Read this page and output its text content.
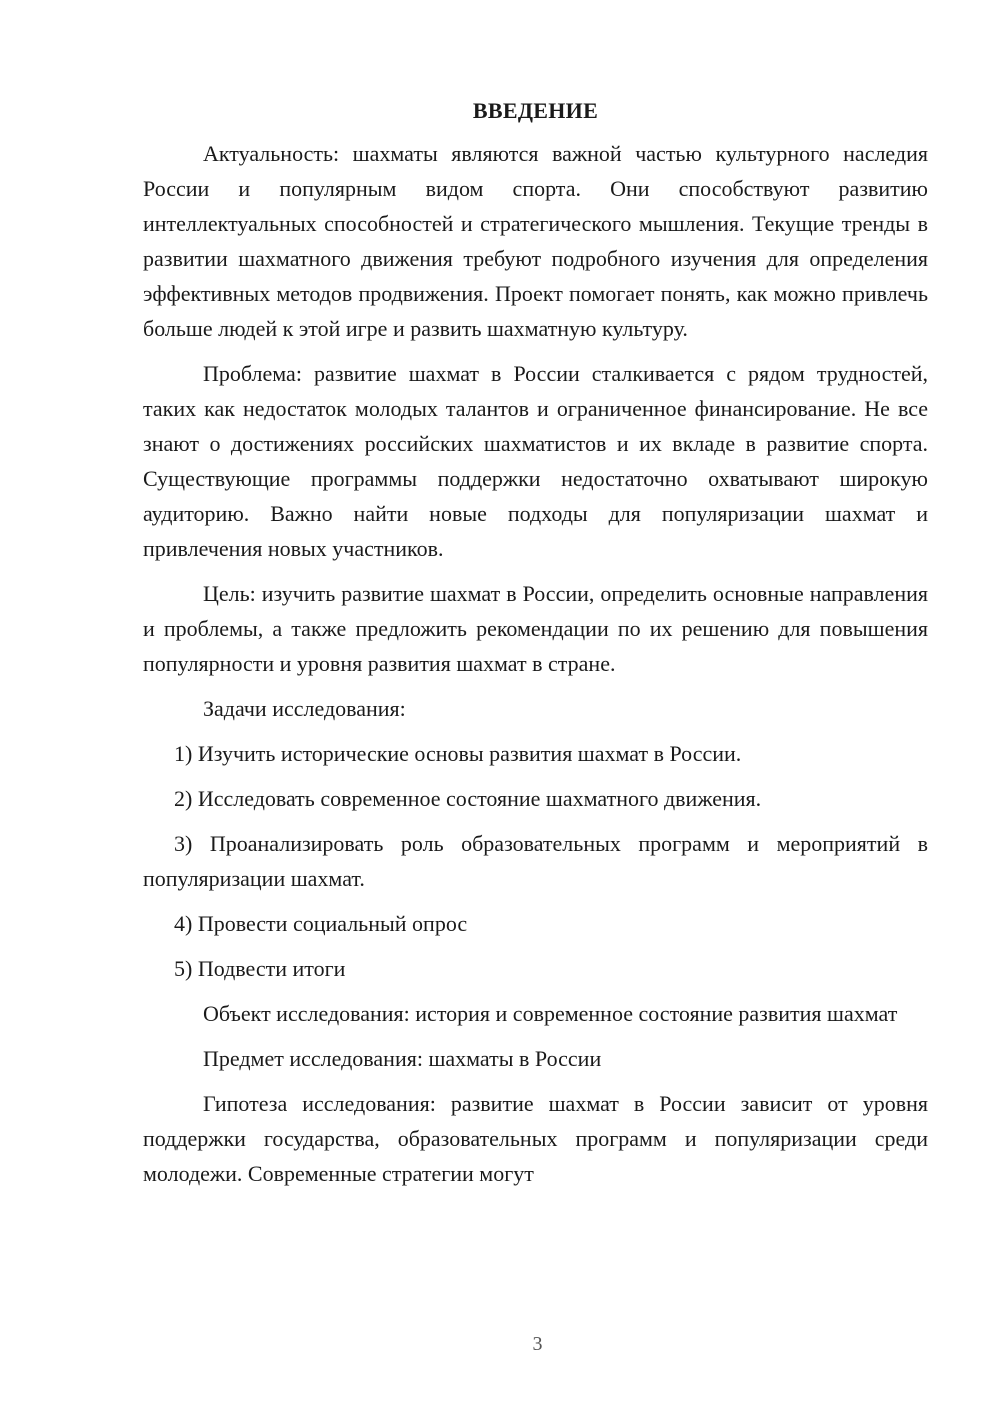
ВВЕДЕНИЕ

Актуальность: шахматы являются важной частью культурного наследия России и популярным видом спорта. Они способствуют развитию интеллектуальных способностей и стратегического мышления. Текущие тренды в развитии шахматного движения требуют подробного изучения для определения эффективных методов продвижения. Проект помогает понять, как можно привлечь больше людей к этой игре и развить шахматную культуру.

Проблема: развитие шахмат в России сталкивается с рядом трудностей, таких как недостаток молодых талантов и ограниченное финансирование. Не все знают о достижениях российских шахматистов и их вкладе в развитие спорта. Существующие программы поддержки недостаточно охватывают широкую аудиторию. Важно найти новые подходы для популяризации шахмат и привлечения новых участников.

Цель: изучить развитие шахмат в России, определить основные направления и проблемы, а также предложить рекомендации по их решению для повышения популярности и уровня развития шахмат в стране.

Задачи исследования:

1) Изучить исторические основы развития шахмат в России.

2) Исследовать современное состояние шахматного движения.

3) Проанализировать роль образовательных программ и мероприятий в популяризации шахмат.

4) Провести социальный опрос

5) Подвести итоги

Объект исследования: история и современное состояние развития шахмат

Предмет исследования: шахматы в России

Гипотеза исследования: развитие шахмат в России зависит от уровня поддержки государства, образовательных программ и популяризации среди молодежи. Современные стратегии могут

3
